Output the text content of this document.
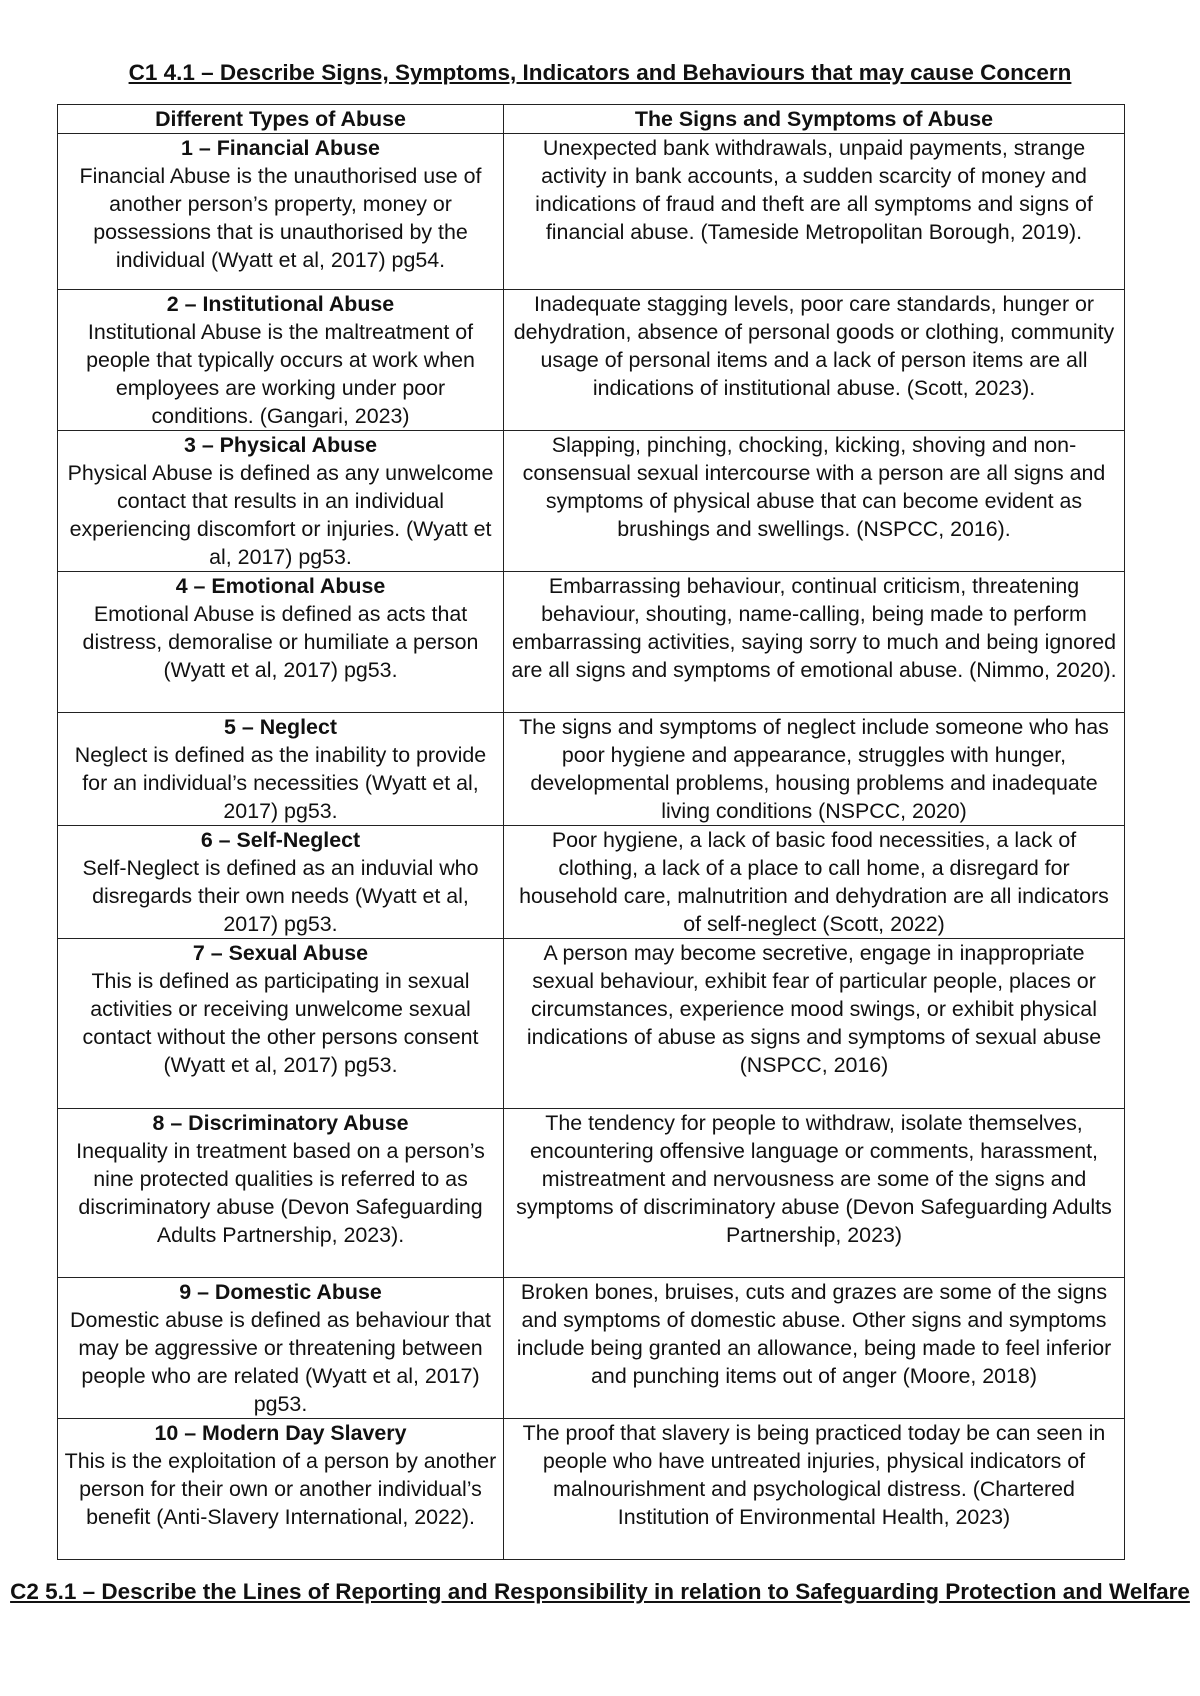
C1 4.1 – Describe Signs, Symptoms, Indicators and Behaviours that may cause Concern
Different Types of Abuse	The Signs and Symptoms of Abuse

1 – Financial Abuse
Financial Abuse is the unauthorised use of another person’s property, money or possessions that is unauthorised by the individual (Wyatt et al, 2017) pg54.	Unexpected bank withdrawals, unpaid payments, strange activity in bank accounts, a sudden scarcity of money and indications of fraud and theft are all symptoms and signs of financial abuse. (Tameside Metropolitan Borough, 2019).

2 – Institutional Abuse
Institutional Abuse is the maltreatment of people that typically occurs at work when employees are working under poor conditions. (Gangari, 2023)	Inadequate stagging levels, poor care standards, hunger or dehydration, absence of personal goods or clothing, community usage of personal items and a lack of person items are all indications of institutional abuse. (Scott, 2023).

3 – Physical Abuse
Physical Abuse is defined as any unwelcome contact that results in an individual experiencing discomfort or injuries. (Wyatt et al, 2017) pg53.	Slapping, pinching, chocking, kicking, shoving and non-consensual sexual intercourse with a person are all signs and symptoms of physical abuse that can become evident as brushings and swellings. (NSPCC, 2016).

4 – Emotional Abuse
Emotional Abuse is defined as acts that distress, demoralise or humiliate a person (Wyatt et al, 2017) pg53.	Embarrassing behaviour, continual criticism, threatening behaviour, shouting, name-calling, being made to perform embarrassing activities, saying sorry to much and being ignored are all signs and symptoms of emotional abuse. (Nimmo, 2020).

5 – Neglect
Neglect is defined as the inability to provide for an individual’s necessities (Wyatt et al, 2017) pg53.	The signs and symptoms of neglect include someone who has poor hygiene and appearance, struggles with hunger, developmental problems, housing problems and inadequate living conditions (NSPCC, 2020)

6 – Self-Neglect
Self-Neglect is defined as an induvial who disregards their own needs (Wyatt et al, 2017) pg53.	Poor hygiene, a lack of basic food necessities, a lack of clothing, a lack of a place to call home, a disregard for household care, malnutrition and dehydration are all indicators of self-neglect (Scott, 2022)

7 – Sexual Abuse
This is defined as participating in sexual activities or receiving unwelcome sexual contact without the other persons consent (Wyatt et al, 2017) pg53.	A person may become secretive, engage in inappropriate sexual behaviour, exhibit fear of particular people, places or circumstances, experience mood swings, or exhibit physical indications of abuse as signs and symptoms of sexual abuse (NSPCC, 2016)

8 – Discriminatory Abuse
Inequality in treatment based on a person’s nine protected qualities is referred to as discriminatory abuse (Devon Safeguarding Adults Partnership, 2023).	The tendency for people to withdraw, isolate themselves, encountering offensive language or comments, harassment, mistreatment and nervousness are some of the signs and symptoms of discriminatory abuse (Devon Safeguarding Adults Partnership, 2023)

9 – Domestic Abuse
Domestic abuse is defined as behaviour that may be aggressive or threatening between people who are related (Wyatt et al, 2017) pg53.	Broken bones, bruises, cuts and grazes are some of the signs and symptoms of domestic abuse. Other signs and symptoms include being granted an allowance, being made to feel inferior and punching items out of anger (Moore, 2018)

10 – Modern Day Slavery
This is the exploitation of a person by another person for their own or another individual’s benefit (Anti-Slavery International, 2022).	The proof that slavery is being practiced today be can seen in people who have untreated injuries, physical indicators of malnourishment and psychological distress. (Chartered Institution of Environmental Health, 2023)
C2 5.1 – Describe the Lines of Reporting and Responsibility in relation to Safeguarding Protection and Welfare
